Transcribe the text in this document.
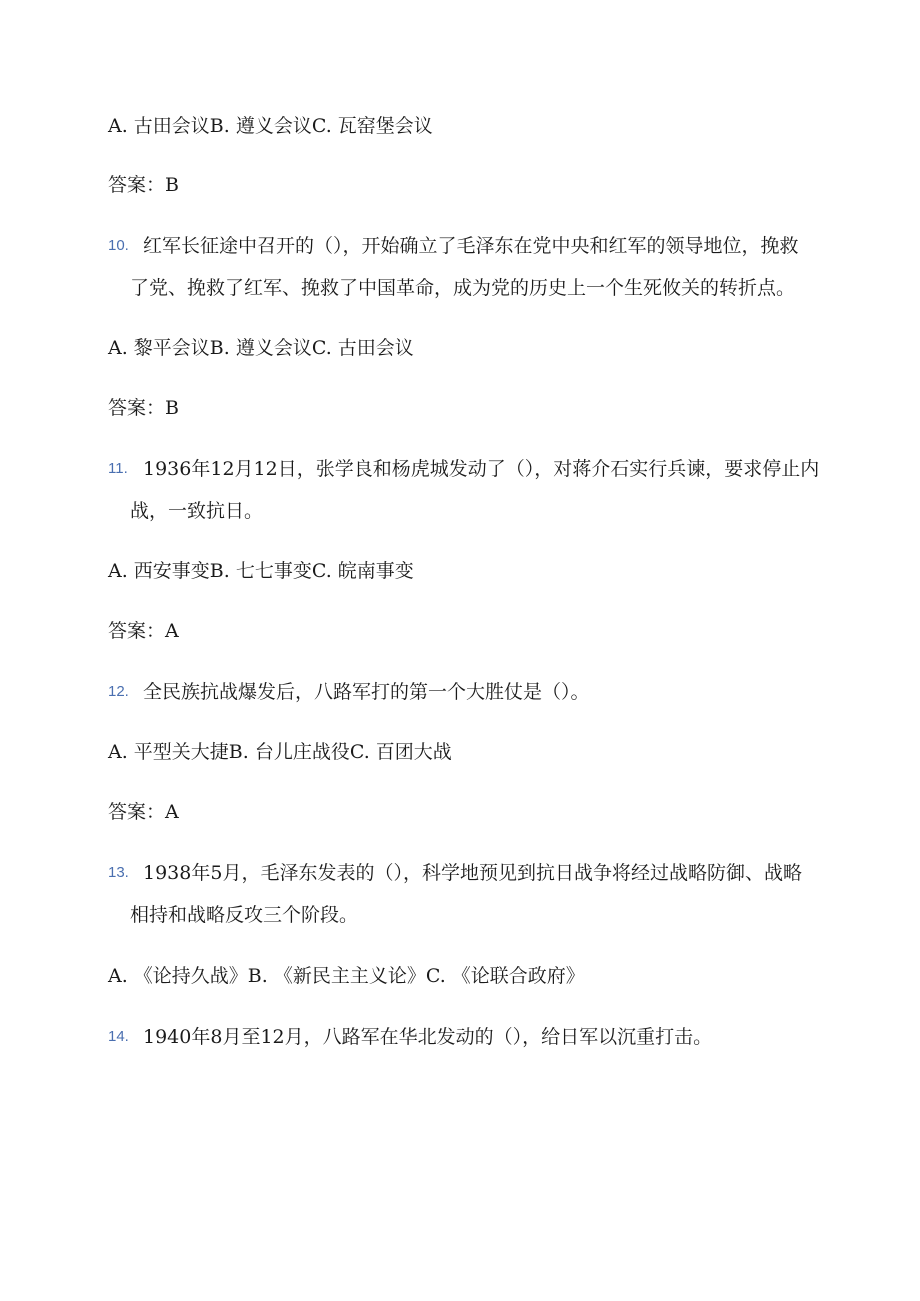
A. 古田会议B. 遵义会议C. 瓦窑堡会议
答案：B
10. 红军长征途中召开的（），开始确立了毛泽东在党中央和红军的领导地位，挽救
了党、挽救了红军、挽救了中国革命，成为党的历史上一个生死攸关的转折点。
A. 黎平会议B. 遵义会议C. 古田会议
答案：B
11. 1936年12月12日，张学良和杨虎城发动了（），对蒋介石实行兵谏，要求停止内
战，一致抗日。
A. 西安事变B. 七七事变C. 皖南事变
答案：A
12. 全民族抗战爆发后，八路军打的第一个大胜仗是（）。
A. 平型关大捷B. 台儿庄战役C. 百团大战
答案：A
13. 1938年5月，毛泽东发表的（），科学地预见到抗日战争将经过战略防御、战略
相持和战略反攻三个阶段。
A. 《论持久战》B. 《新民主主义论》C. 《论联合政府》
14. 1940年8月至12月，八路军在华北发动的（），给日军以沉重打击。
